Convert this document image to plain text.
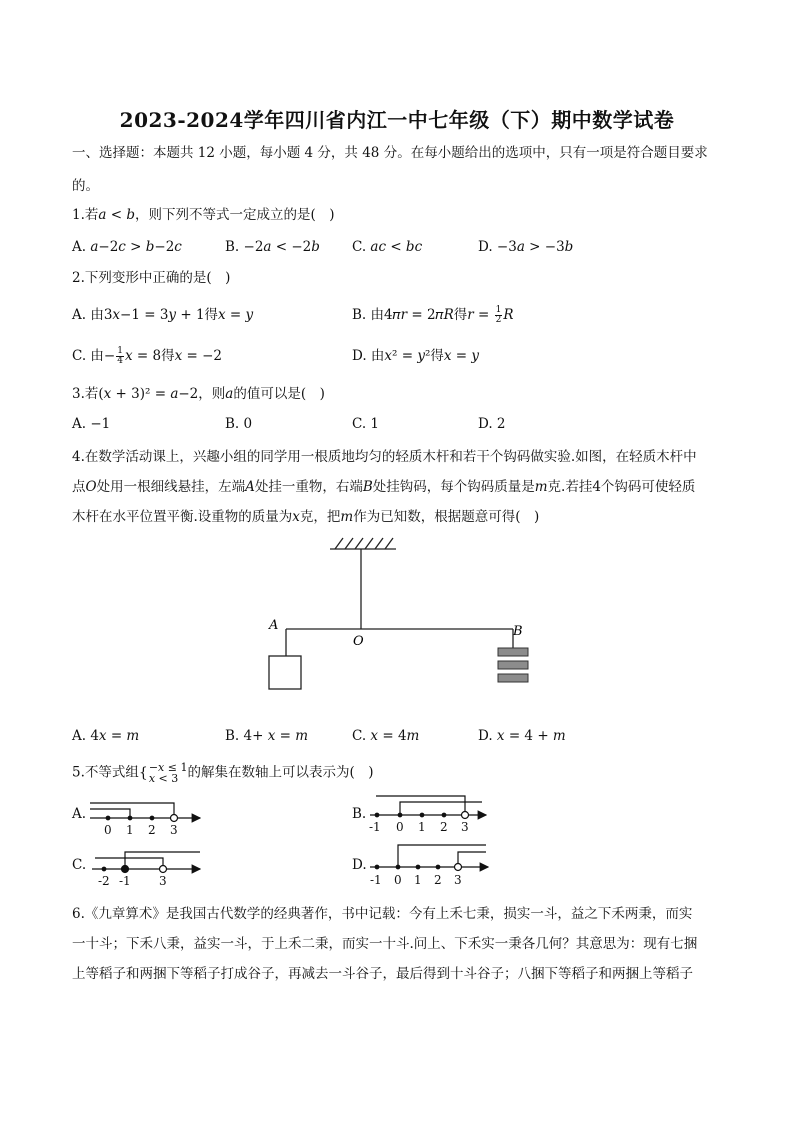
2023-2024学年四川省内江一中七年级（下）期中数学试卷
一、选择题：本题共 12 小题，每小题 4 分，共 48 分。在每小题给出的选项中，只有一项是符合题目要求
的。
1.若𝑎 < 𝑏，则下列不等式一定成立的是(　)
A. 𝑎−2𝑐 > 𝑏−2𝑐	B. −2𝑎 < −2𝑏 C. 𝑎𝑐 < 𝑏𝑐	D. −3𝑎 > −3𝑏
2.下列变形中正确的是(　)
A. 由3𝑥−1 = 3𝑦 + 1得𝑥 = 𝑦	B. 由4𝜋𝑟 = 2𝜋𝑅得𝑟 = $\frac{1}{2}$ 𝑅
C. 由− $\frac{1}{4}$ 𝑥 = 8得𝑥 = −2	D. 由𝑥² = 𝑦²得𝑥 = 𝑦
3.若(𝑥 + 3)² = 𝑎−2，则𝑎的值可以是(　)
A. −1	B. 0	C. 1	D. 2
4.在数学活动课上，兴趣小组的同学用一根质地均匀的轻质木杆和若干个钩码做实验.如图，在轻质木杆中
点𝑂处用一根细线悬挂，左端𝐴处挂一重物，右端𝐵处挂钩码，每个钩码质量是𝑚克.若挂4个钩码可使轻质
木杆在水平位置平衡.设重物的质量为𝑥克，把𝑚作为已知数，根据题意可得(　)
A
O
B
A. 4𝑥 = 𝑚	B. 4+ 𝑥 = 𝑚	C. 𝑥 = 4𝑚	D. 𝑥 = 4 + 𝑚
5.不等式组{ −𝑥 ≤ 1
𝑥 < 3 的解集在数轴上可以表示为(　)
A.	B.
C.	D.
0 1 2 3	-1 0 1 2 3
-2 -1 3	-1 0 1 2 3
6.《九章算术》是我国古代数学的经典著作，书中记载：今有上禾七秉，损实一斗，益之下禾两秉，而实
一十斗；下禾八秉，益实一斗，于上禾二秉，而实一十斗.问上、下禾实一秉各几何？其意思为：现有七捆
上等稻子和两捆下等稻子打成谷子，再减去一斗谷子，最后得到十斗谷子；八捆下等稻子和两捆上等稻子
